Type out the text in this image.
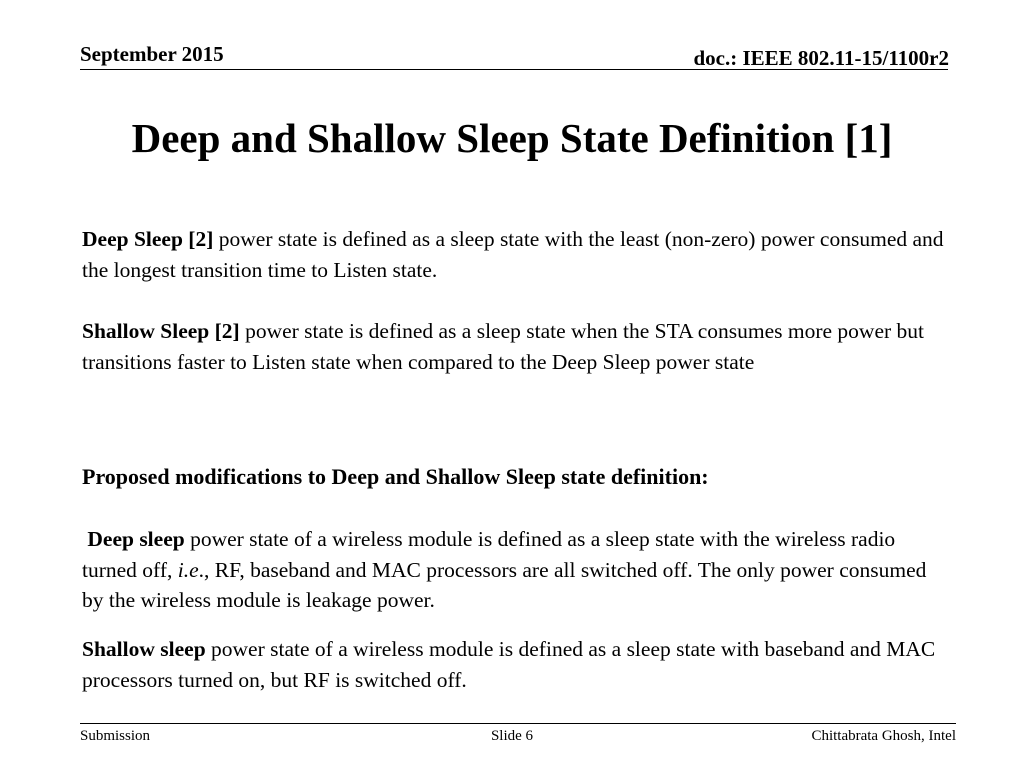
September 2015	doc.: IEEE 802.11-15/1100r2
Deep and Shallow Sleep State Definition [1]
Deep Sleep [2] power state is defined as a sleep state with the least (non-zero) power consumed and the longest transition time to Listen state.
Shallow Sleep [2] power state is defined as a sleep state when the STA consumes more power but transitions faster to Listen state when compared to the Deep Sleep power state
Proposed modifications to Deep and Shallow Sleep state definition:
Deep sleep power state of a wireless module is defined as a sleep state with the wireless radio turned off, i.e., RF, baseband and MAC processors are all switched off. The only power consumed by the wireless module is leakage power.
Shallow sleep power state of a wireless module is defined as a sleep state with baseband and MAC processors turned on, but RF is switched off.
Submission	Slide 6	Chittabrata Ghosh, Intel
